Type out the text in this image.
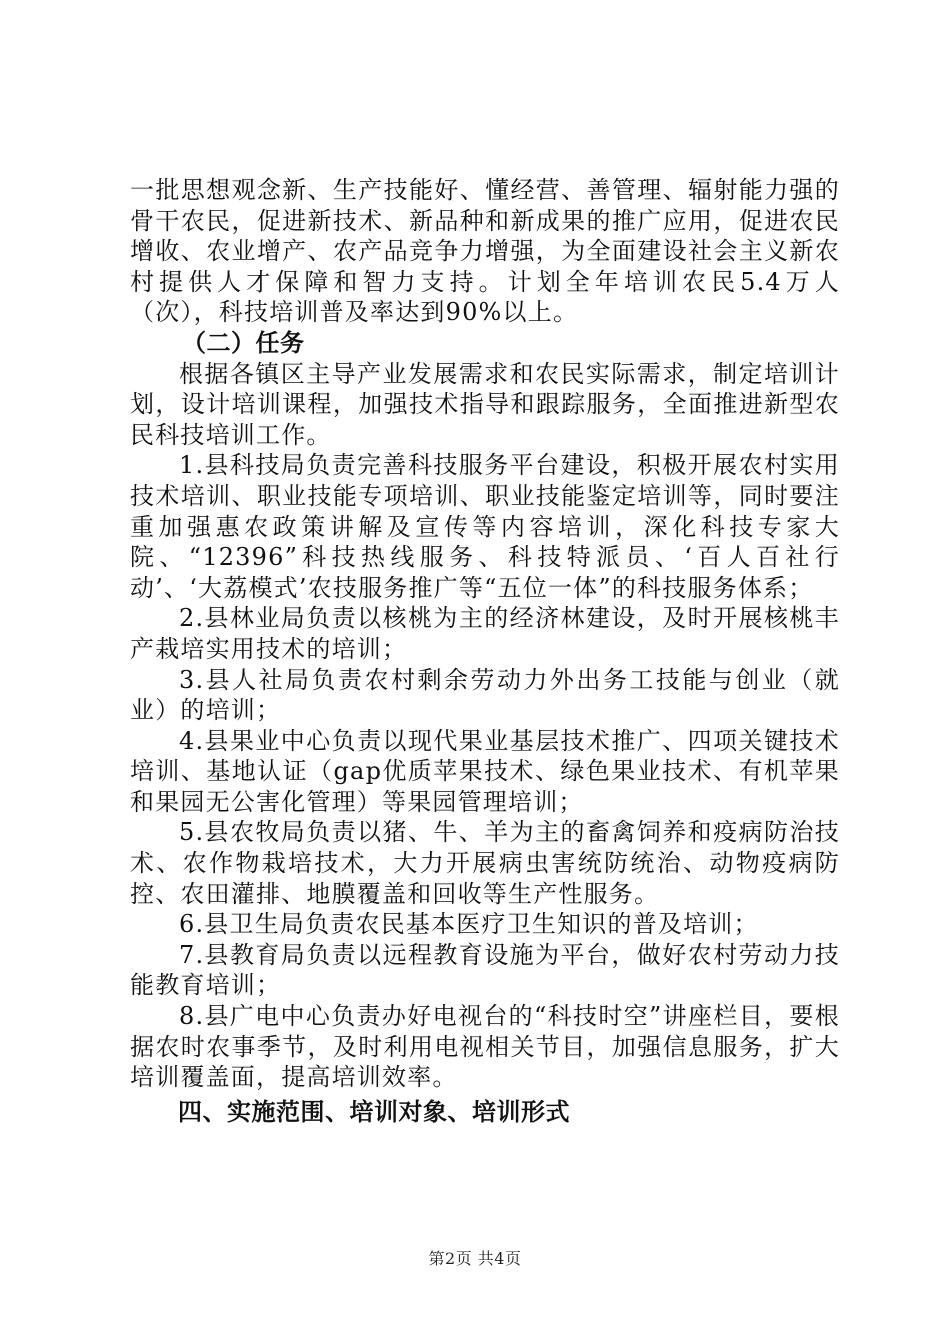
一批思想观念新、生产技能好、懂经营、善管理、辐射能力强的骨干农民，促进新技术、新品种和新成果的推广应用，促进农民增收、农业增产、农产品竞争力增强，为全面建设社会主义新农村提供人才保障和智力支持。计划全年培训农民5.4万人（次），科技培训普及率达到90%以上。

（二）任务

根据各镇区主导产业发展需求和农民实际需求，制定培训计划，设计培训课程，加强技术指导和跟踪服务，全面推进新型农民科技培训工作。

1.县科技局负责完善科技服务平台建设，积极开展农村实用技术培训、职业技能专项培训、职业技能鉴定培训等，同时要注重加强惠农政策讲解及宣传等内容培训，深化科技专家大院、“12396”科技热线服务、科技特派员、‘百人百社行动’、‘大荔模式’农技服务推广等“五位一体”的科技服务体系；

2.县林业局负责以核桃为主的经济林建设，及时开展核桃丰产栽培实用技术的培训；

3.县人社局负责农村剩余劳动力外出务工技能与创业（就业）的培训；

4.县果业中心负责以现代果业基层技术推广、四项关键技术培训、基地认证（gap优质苹果技术、绿色果业技术、有机苹果和果园无公害化管理）等果园管理培训；

5.县农牧局负责以猪、牛、羊为主的畜禽饲养和疫病防治技术、农作物栽培技术，大力开展病虫害统防统治、动物疫病防控、农田灌排、地膜覆盖和回收等生产性服务。

6.县卫生局负责农民基本医疗卫生知识的普及培训；

7.县教育局负责以远程教育设施为平台，做好农村劳动力技能教育培训；

8.县广电中心负责办好电视台的“科技时空”讲座栏目，要根据农时农事季节，及时利用电视相关节目，加强信息服务，扩大培训覆盖面，提高培训效率。

四、实施范围、培训对象、培训形式

第2页 共4页
